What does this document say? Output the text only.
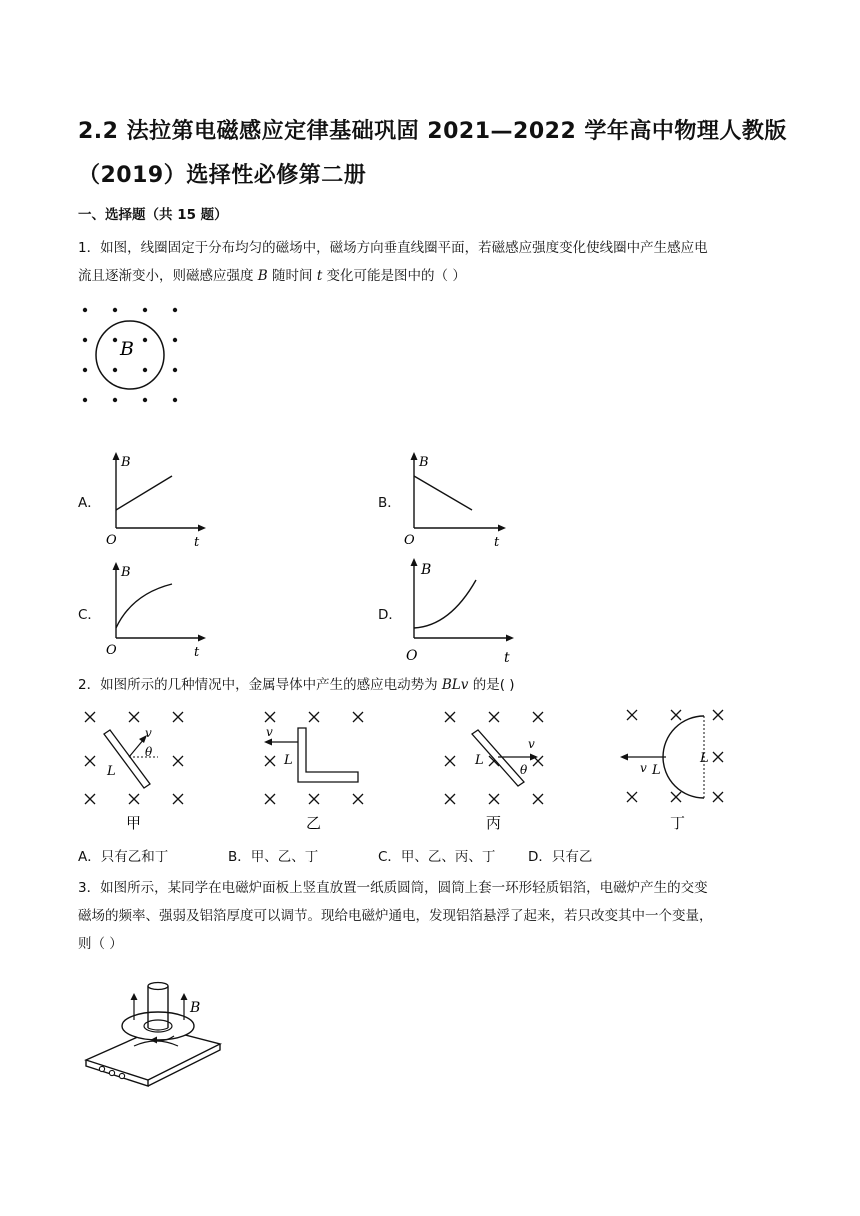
2.2 法拉第电磁感应定律基础巩固 2021—2022 学年高中物理人教版
（2019）选择性必修第二册
一、选择题（共 15 题）
1．如图，线圈固定于分布均匀的磁场中，磁场方向垂直线圈平面，若磁感应强度变化使线圈中产生感应电
流且逐渐变小，则磁感应强度 B 随时间 t 变化可能是图中的（ ）
B
A．
B
O	t
B．
B
O	t
C．
B
O	t
D．
B
O	t
2．如图所示的几种情况中，金属导体中产生的感应电动势为 BLv 的是( )
v
θ
L
甲
v
L
乙
v
θ
L
丙
v L
L
丁
A．只有乙和丁	B．甲、乙、丁	C．甲、乙、丙、丁 D．只有乙
3．如图所示，某同学在电磁炉面板上竖直放置一纸质圆筒，圆筒上套一环形轻质铝箔，电磁炉产生的交变
磁场的频率、强弱及铝箔厚度可以调节。现给电磁炉通电，发现铝箔悬浮了起来，若只改变其中一个变量，
则（ ）
B
